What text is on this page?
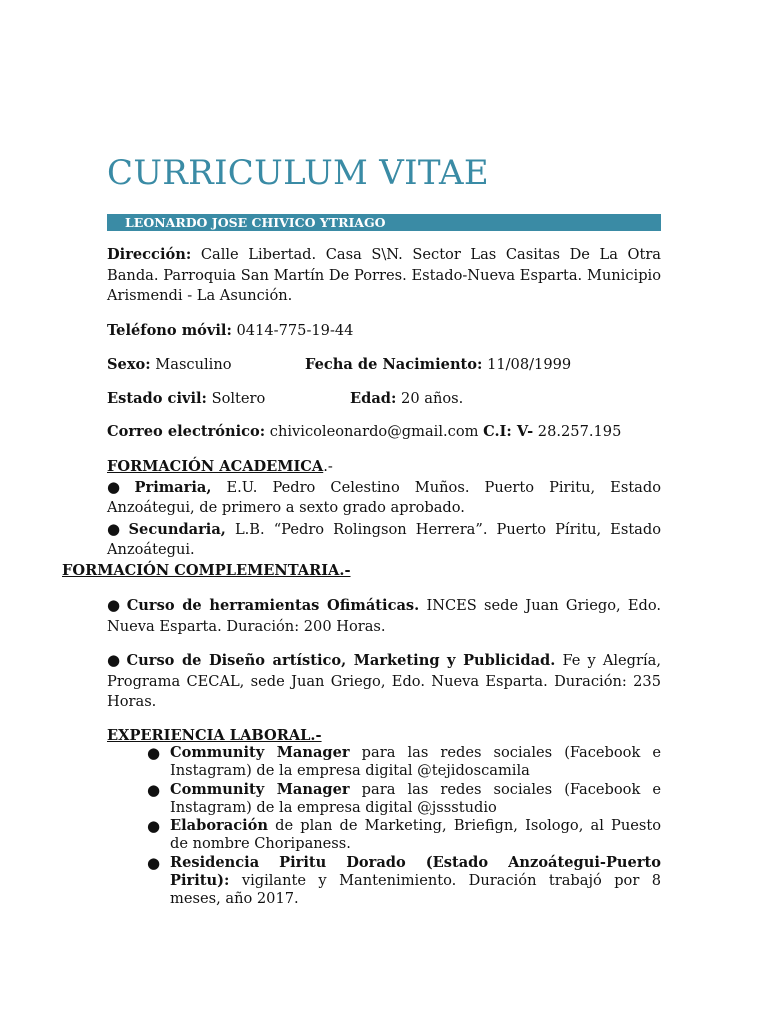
CURRICULUM VITAE
LEONARDO JOSE CHIVICO YTRIAGO

Dirección: Calle Libertad. Casa S\N. Sector Las Casitas De La Otra Banda. Parroquia San Martín De Porres. Estado-Nueva Esparta. Municipio Arismendi - La Asunción.

Teléfono móvil: 0414-775-19-44

Sexo: Masculino	Fecha de Nacimiento: 11/08/1999

Estado civil: Soltero	Edad: 20 años.

Correo electrónico: chivicoleonardo@gmail.com C.I: V- 28.257.195

FORMACIÓN ACADEMICA.-

● Primaria, E.U. Pedro Celestino Muños. Puerto Piritu, Estado Anzoátegui, de primero a sexto grado aprobado.

● Secundaria, L.B. “Pedro Rolingson Herrera”. Puerto Píritu, Estado Anzoátegui.

FORMACIÓN COMPLEMENTARIA.-

● Curso de herramientas Ofimáticas. INCES sede Juan Griego, Edo. Nueva Esparta. Duración: 200 Horas.

● Curso de Diseño artístico, Marketing y Publicidad. Fe y Alegría, Programa CECAL, sede Juan Griego, Edo. Nueva Esparta. Duración: 235 Horas.

EXPERIENCIA LABORAL.-

● Community Manager para las redes sociales (Facebook e Instagram) de la empresa digital @tejidoscamila
● Community Manager para las redes sociales (Facebook e Instagram) de la empresa digital @jssstudio
● Elaboración de plan de Marketing, Briefign, Isologo, al Puesto de nombre Choripaness.
● Residencia Piritu Dorado (Estado Anzoátegui-Puerto Piritu): vigilante y Mantenimiento. Duración trabajó por 8 meses, año 2017.
